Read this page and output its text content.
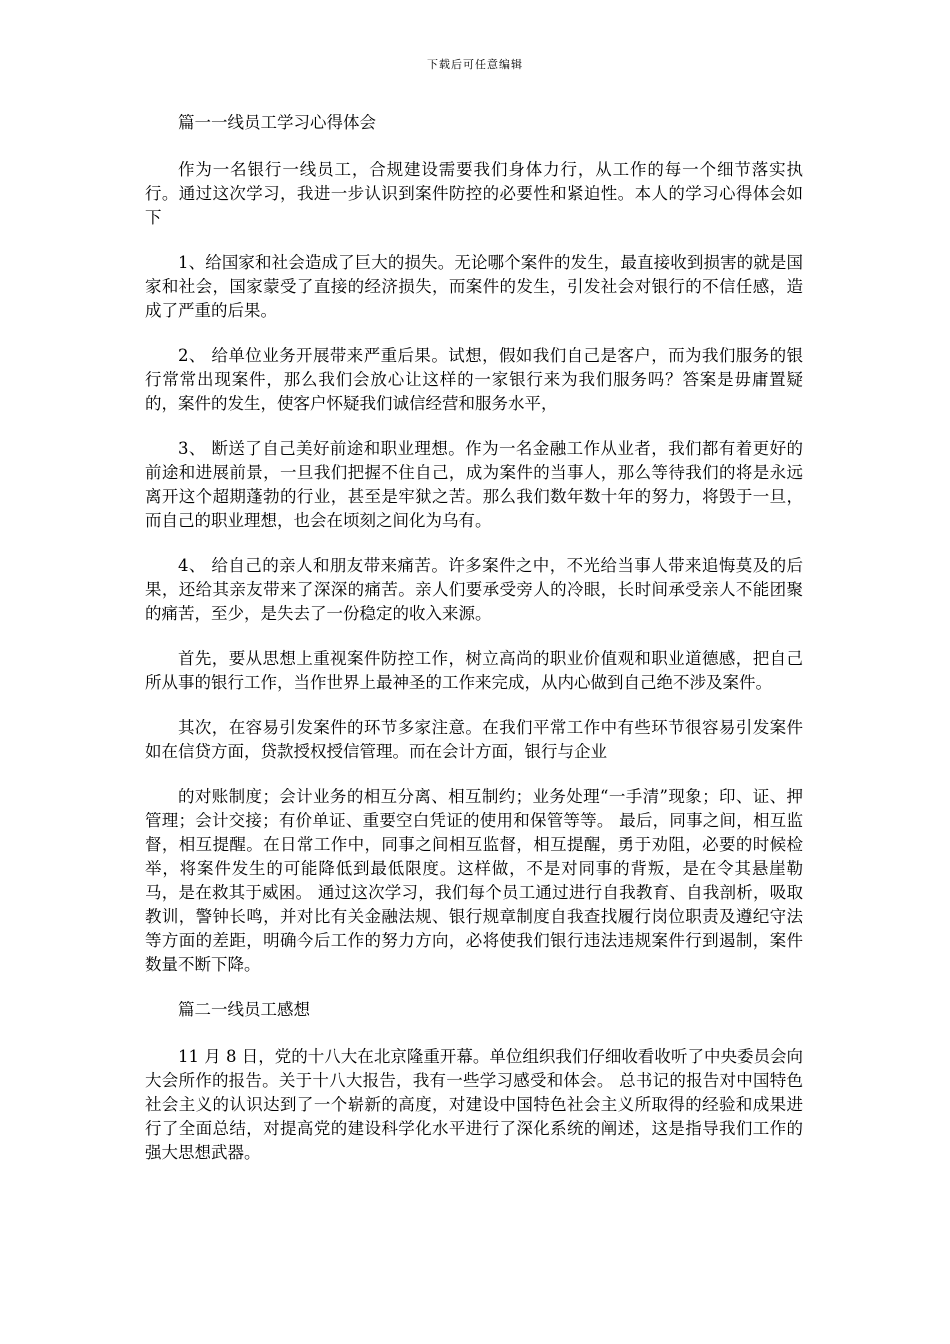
下载后可任意编辑

篇一一线员工学习心得体会

作为一名银行一线员工，合规建设需要我们身体力行，从工作的每一个细节落实执行。通过这次学习，我进一步认识到案件防控的必要性和紧迫性。本人的学习心得体会如下

1、给国家和社会造成了巨大的损失。无论哪个案件的发生，最直接收到损害的就是国家和社会，国家蒙受了直接的经济损失，而案件的发生，引发社会对银行的不信任感，造成了严重的后果。

2、 给单位业务开展带来严重后果。试想，假如我们自己是客户，而为我们服务的银行常常出现案件，那么我们会放心让这样的一家银行来为我们服务吗？答案是毋庸置疑的，案件的发生，使客户怀疑我们诚信经营和服务水平，

3、 断送了自己美好前途和职业理想。作为一名金融工作从业者，我们都有着更好的前途和进展前景，一旦我们把握不住自己，成为案件的当事人，那么等待我们的将是永远离开这个超期蓬勃的行业，甚至是牢狱之苦。那么我们数年数十年的努力，将毁于一旦，而自己的职业理想，也会在顷刻之间化为乌有。

4、 给自己的亲人和朋友带来痛苦。许多案件之中，不光给当事人带来追悔莫及的后果，还给其亲友带来了深深的痛苦。亲人们要承受旁人的冷眼，长时间承受亲人不能团聚的痛苦，至少，是失去了一份稳定的收入来源。

首先，要从思想上重视案件防控工作，树立高尚的职业价值观和职业道德感，把自己所从事的银行工作，当作世界上最神圣的工作来完成，从内心做到自己绝不涉及案件。

其次，在容易引发案件的环节多家注意。在我们平常工作中有些环节很容易引发案件如在信贷方面，贷款授权授信管理。而在会计方面，银行与企业

的对账制度；会计业务的相互分离、相互制约；业务处理“一手清”现象；印、证、押管理；会计交接；有价单证、重要空白凭证的使用和保管等等。 最后，同事之间，相互监督，相互提醒。在日常工作中，同事之间相互监督，相互提醒，勇于劝阻，必要的时候检举，将案件发生的可能降低到最低限度。这样做，不是对同事的背叛，是在令其悬崖勒马，是在救其于威困。 通过这次学习，我们每个员工通过进行自我教育、自我剖析，吸取教训，警钟长鸣，并对比有关金融法规、银行规章制度自我查找履行岗位职责及遵纪守法等方面的差距，明确今后工作的努力方向，必将使我们银行违法违规案件行到遏制，案件数量不断下降。

篇二一线员工感想

11 月 8 日，党的十八大在北京隆重开幕。单位组织我们仔细收看收听了中央委员会向大会所作的报告。关于十八大报告，我有一些学习感受和体会。 总书记的报告对中国特色社会主义的认识达到了一个崭新的高度，对建设中国特色社会主义所取得的经验和成果进行了全面总结，对提高党的建设科学化水平进行了深化系统的阐述，这是指导我们工作的强大思想武器。
